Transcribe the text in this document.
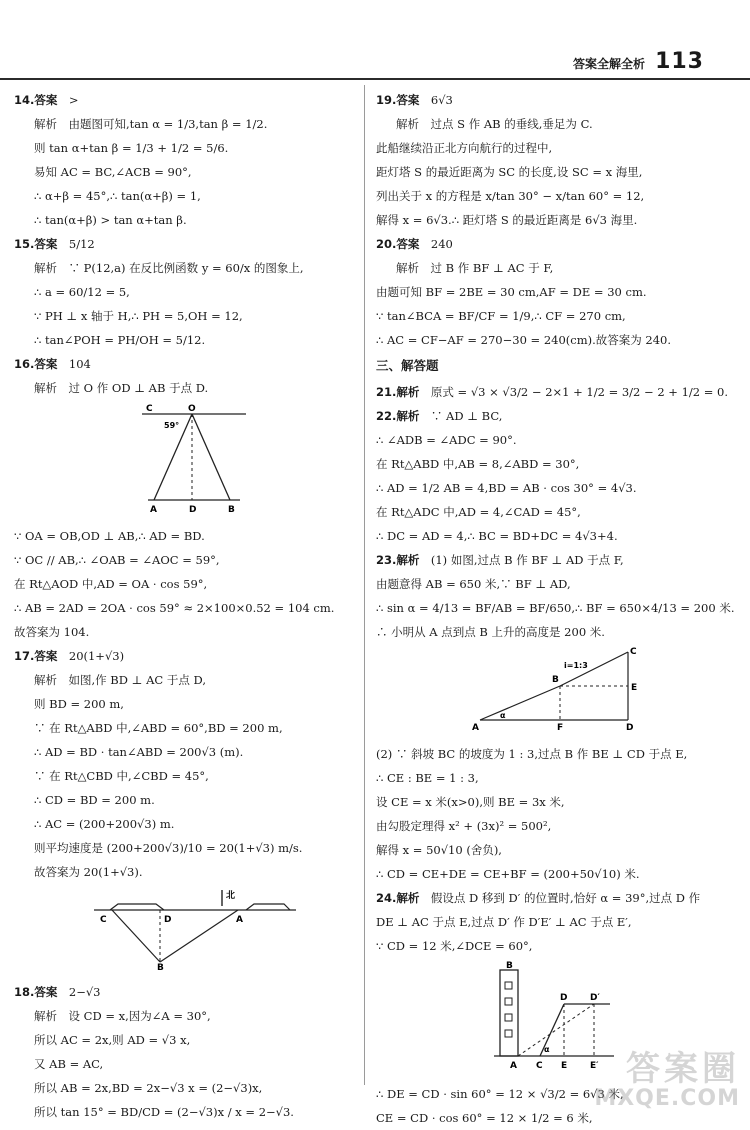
答案全解全析 113
14.答案　 >
解析　由题图可知,tan α = 1/3,tan β = 1/2.
则 tan α+tan β = 1/3 + 1/2 = 5/6.
易知 AC = BC,∠ACB = 90°,
∴ α+β = 45°,∴ tan(α+β) = 1,
∴ tan(α+β) > tan α+tan β.
15.答案　 5/12
解析　∵ P(12,a) 在反比例函数 y = 60/x 的图象上,
∴ a = 60/12 = 5,
∵ PH ⊥ x 轴于 H,∴ PH = 5,OH = 12,
∴ tan∠POH = PH/OH = 5/12.
16.答案　 104
解析　过 O 作 OD ⊥ AB 于点 D.
C	O
59°
A	D	B
∵ OA = OB,OD ⊥ AB,∴ AD = BD.
∵ OC // AB,∴ ∠OAB = ∠AOC = 59°,
在 Rt△AOD 中,AD = OA · cos 59°,
∴ AB = 2AD = 2OA · cos 59° ≈ 2×100×0.52 = 104 cm.
故答案为 104.
17.答案　 20(1+√3)
解析　如图,作 BD ⊥ AC 于点 D,
则 BD = 200 m,
∵ 在 Rt△ABD 中,∠ABD = 60°,BD = 200 m,
∴ AD = BD · tan∠ABD = 200√3 (m).
∵ 在 Rt△CBD 中,∠CBD = 45°,
∴ CD = BD = 200 m.
∴ AC = (200+200√3) m.
则平均速度是 (200+200√3)/10 = 20(1+√3) m/s.
故答案为 20(1+√3).
北
C	D	A
B
18.答案　 2−√3
解析　设 CD = x,因为∠A = 30°,
所以 AC = 2x,则 AD = √3 x,
又 AB = AC,
所以 AB = 2x,BD = 2x−√3 x = (2−√3)x,
所以 tan 15° = BD/CD = (2−√3)x / x = 2−√3.
19.答案　 6√3
解析　过点 S 作 AB 的垂线,垂足为 C.
此船继续沿正北方向航行的过程中,
距灯塔 S 的最近距离为 SC 的长度,设 SC = x 海里,
列出关于 x 的方程是 x/tan 30° − x/tan 60° = 12,
解得 x = 6√3.∴ 距灯塔 S 的最近距离是 6√3 海里.
20.答案　 240
解析　过 B 作 BF ⊥ AC 于 F,
由题可知 BF = 2BE = 30 cm,AF = DE = 30 cm.
∵ tan∠BCA = BF/CF = 1/9,∴ CF = 270 cm,
∴ AC = CF−AF = 270−30 = 240(cm).故答案为 240.
三、解答题
21.解析　 原式 = √3 × √3/2 − 2×1 + 1/2 = 3/2 − 2 + 1/2 = 0.
22.解析　 ∵ AD ⊥ BC,
∴ ∠ADB = ∠ADC = 90°.
在 Rt△ABD 中,AB = 8,∠ABD = 30°,
∴ AD = 1/2 AB = 4,BD = AB · cos 30° = 4√3.
在 Rt△ADC 中,AD = 4,∠CAD = 45°,
∴ DC = AD = 4,∴ BC = BD+DC = 4√3+4.
23.解析　 (1) 如图,过点 B 作 BF ⊥ AD 于点 F,
由题意得 AB = 650 米,∵ BF ⊥ AD,
∴ sin α = 4/13 = BF/AB = BF/650,∴ BF = 650×4/13 = 200 米.
∴ 小明从 A 点到点 B 上升的高度是 200 米.
C
i=1:3
B
E
α
A	F	D
(2) ∵ 斜坡 BC 的坡度为 1 : 3,过点 B 作 BE ⊥ CD 于点 E,
∴ CE : BE = 1 : 3,
设 CE = x 米(x>0),则 BE = 3x 米,
由勾股定理得 x² + (3x)² = 500²,
解得 x = 50√10 (舍负),
∴ CD = CE+DE = CE+BF = (200+50√10) 米.
24.解析　 假设点 D 移到 D′ 的位置时,恰好 α = 39°,过点 D 作
DE ⊥ AC 于点 E,过点 D′ 作 D′E′ ⊥ AC 于点 E′,
∵ CD = 12 米,∠DCE = 60°,
B
D	D′
α
A C E	E′
∴ DE = CD · sin 60° = 12 × √3/2 = 6√3 米,
CE = CD · cos 60° = 12 × 1/2 = 6 米,
答案圈
MXQE.COM
